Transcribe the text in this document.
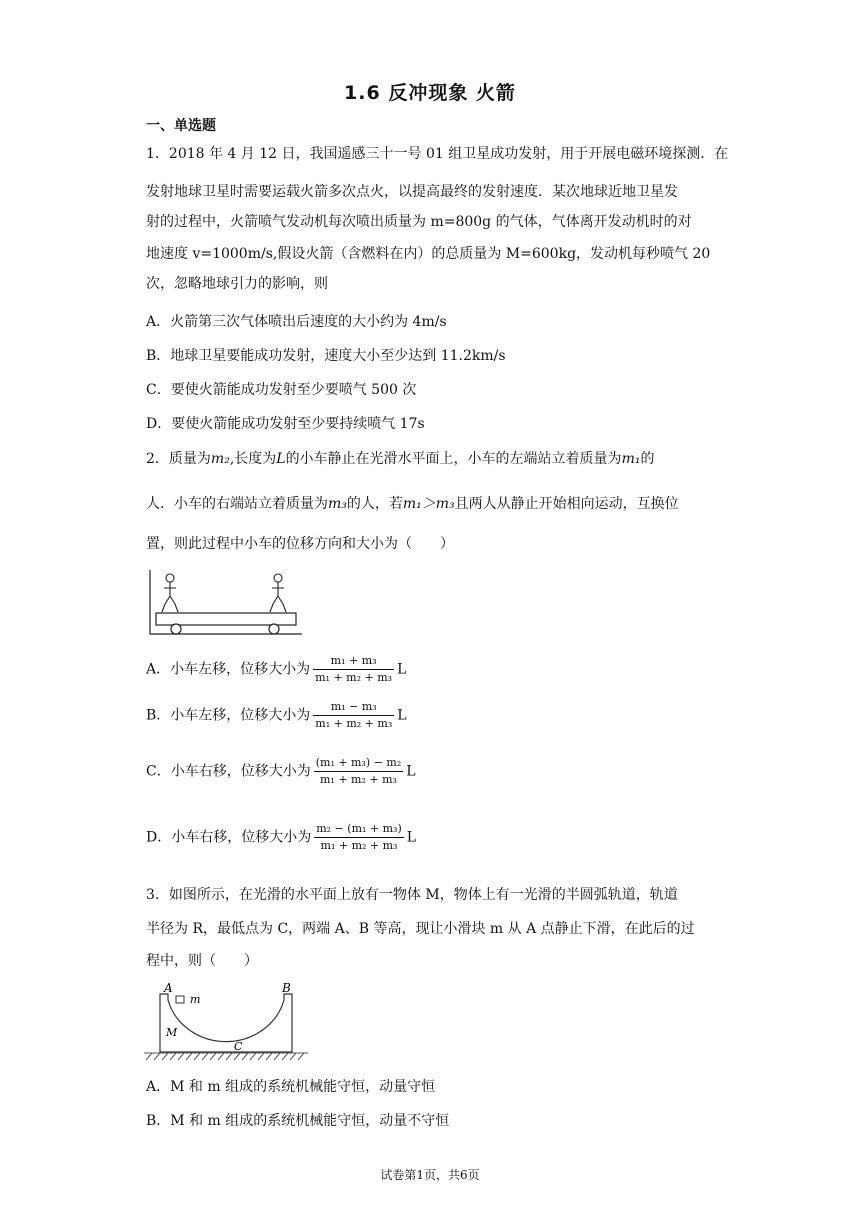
1.6 反冲现象 火箭
一、单选题
1．2018 年 4 月 12 日，我国遥感三十一号 01 组卫星成功发射，用于开展电磁环境探测．在
发射地球卫星时需要运载火箭多次点火，以提高最终的发射速度．某次地球近地卫星发
射的过程中，火箭喷气发动机每次喷出质量为 m=800g 的气体，气体离开发动机时的对
地速度 v=1000m/s,假设火箭（含燃料在内）的总质量为 M=600kg，发动机每秒喷气 20
次，忽略地球引力的影响，则
A．火箭第三次气体喷出后速度的大小约为 4m/s
B．地球卫星要能成功发射，速度大小至少达到 11.2km/s
C．要使火箭能成功发射至少要喷气 500 次
D．要使火箭能成功发射至少要持续喷气 17s
2．质量为m₂,长度为L的小车静止在光滑水平面上，小车的左端站立着质量为m₁的
人．小车的右端站立着质量为m₃的人，若m₁＞m₃且两人从静止开始相向运动，互换位
置，则此过程中小车的位移方向和大小为（　　）
A．小车左移，位移大小为 $\frac{\text{m₁ + m₃}}{\text{m₁ + m₂ + m₃}}$ L
B．小车左移，位移大小为 $\frac{\text{m₁ − m₃}}{\text{m₁ + m₂ + m₃}}$ L
C．小车右移，位移大小为 $\frac{\text{(m₁ + m₃) − m₂}}{\text{m₁ + m₂ + m₃}}$ L
D．小车右移，位移大小为 $\frac{\text{m₂ − (m₁ + m₃)}}{\text{m₁ + m₂ + m₃}}$ L
3．如图所示，在光滑的水平面上放有一物体 M，物体上有一光滑的半圆弧轨道，轨道
半径为 R，最低点为 C，两端 A、B 等高，现让小滑块 m 从 A 点静止下滑，在此后的过
程中，则（　　）
A	B
C
m
M
A．M 和 m 组成的系统机械能守恒，动量守恒
B．M 和 m 组成的系统机械能守恒，动量不守恒
试卷第1页，共6页
